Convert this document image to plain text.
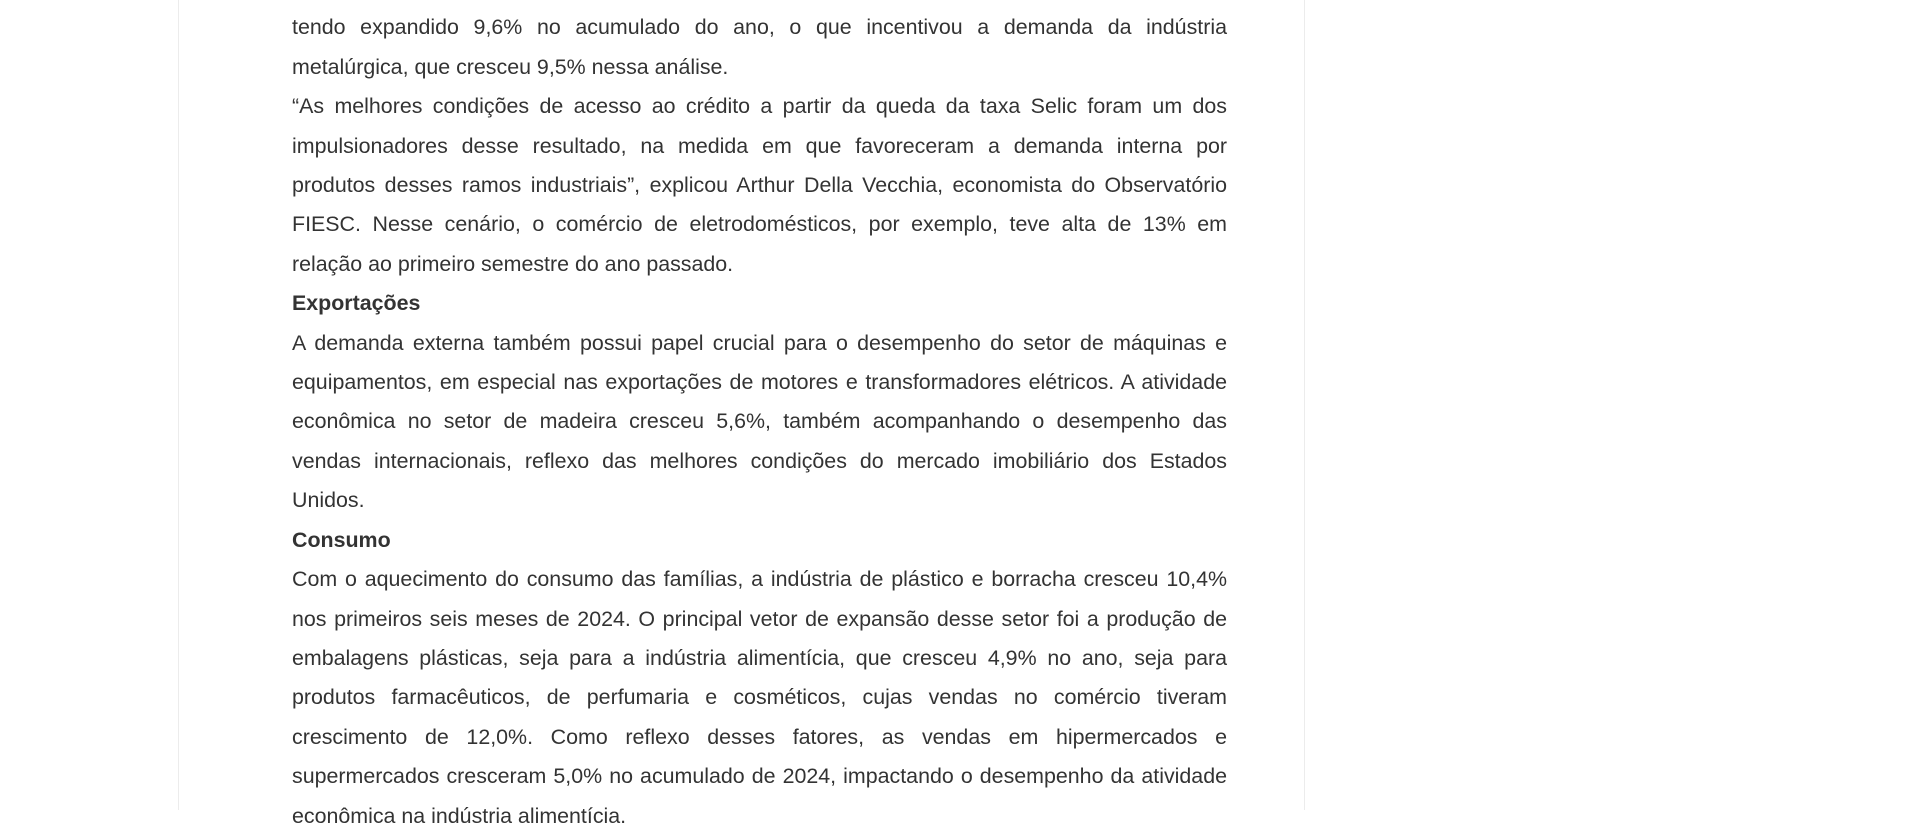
tendo expandido 9,6% no acumulado do ano, o que incentivou a demanda da indústria metalúrgica, que cresceu 9,5% nessa análise.

“As melhores condições de acesso ao crédito a partir da queda da taxa Selic foram um dos impulsionadores desse resultado, na medida em que favoreceram a demanda interna por produtos desses ramos industriais”, explicou Arthur Della Vecchia, economista do Observatório FIESC. Nesse cenário, o comércio de eletrodomésticos, por exemplo, teve alta de 13% em relação ao primeiro semestre do ano passado.

Exportações

A demanda externa também possui papel crucial para o desempenho do setor de máquinas e equipamentos, em especial nas exportações de motores e transformadores elétricos. A atividade econômica no setor de madeira cresceu 5,6%, também acompanhando o desempenho das vendas internacionais, reflexo das melhores condições do mercado imobiliário dos Estados Unidos.

Consumo

Com o aquecimento do consumo das famílias, a indústria de plástico e borracha cresceu 10,4% nos primeiros seis meses de 2024. O principal vetor de expansão desse setor foi a produção de embalagens plásticas, seja para a indústria alimentícia, que cresceu 4,9% no ano, seja para produtos farmacêuticos, de perfumaria e cosméticos, cujas vendas no comércio tiveram crescimento de 12,0%. Como reflexo desses fatores, as vendas em hipermercados e supermercados cresceram 5,0% no acumulado de 2024, impactando o desempenho da atividade econômica na indústria alimentícia.
